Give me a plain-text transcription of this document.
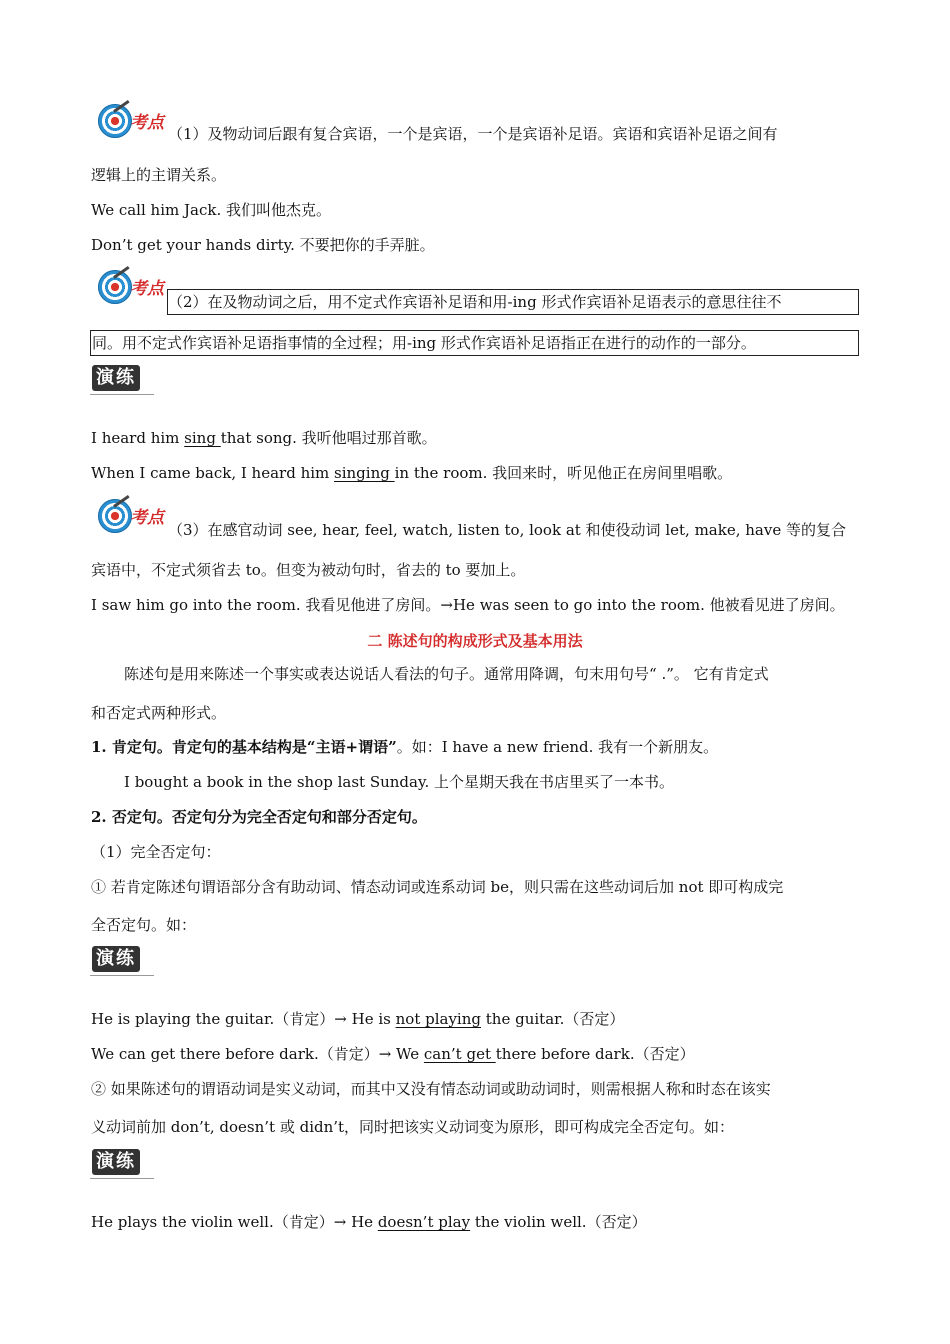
考点
（1）及物动词后跟有复合宾语，一个是宾语，一个是宾语补足语。宾语和宾语补足语之间有
逻辑上的主谓关系。
We call him Jack. 我们叫他杰克。
Don’t get your hands dirty. 不要把你的手弄脏。
考点
（2）在及物动词之后，用不定式作宾语补足语和用-ing 形式作宾语补足语表示的意思往往不
同。用不定式作宾语补足语指事情的全过程；用-ing 形式作宾语补足语指正在进行的动作的一部分。
演练
I heard him sing that song. 我听他唱过那首歌。
When I came back, I heard him singing in the room. 我回来时，听见他正在房间里唱歌。
考点
（3）在感官动词 see, hear, feel, watch, listen to, look at 和使役动词 let, make, have 等的复合
宾语中，不定式须省去 to。但变为被动句时，省去的 to 要加上。
I saw him go into the room. 我看见他进了房间。→He was seen to go into the room. 他被看见进了房间。
二 陈述句的构成形式及基本用法
陈述句是用来陈述一个事实或表达说话人看法的句子。通常用降调，句末用句号“ .”。 它有肯定式
和否定式两种形式。
1. 肯定句。肯定句的基本结构是“主语+谓语”。如：I have a new friend. 我有一个新朋友。
I bought a book in the shop last Sunday. 上个星期天我在书店里买了一本书。
2. 否定句。否定句分为完全否定句和部分否定句。
（1）完全否定句：
① 若肯定陈述句谓语部分含有助动词、情态动词或连系动词 be，则只需在这些动词后加 not 即可构成完
全否定句。如：
演练
He is playing the guitar.（肯定）→ He is not playing the guitar.（否定）
We can get there before dark.（肯定）→ We can’t get there before dark.（否定）
② 如果陈述句的谓语动词是实义动词，而其中又没有情态动词或助动词时，则需根据人称和时态在该实
义动词前加 don’t, doesn’t 或 didn’t，同时把该实义动词变为原形，即可构成完全否定句。如：
演练
He plays the violin well.（肯定）→ He doesn’t play the violin well.（否定）
